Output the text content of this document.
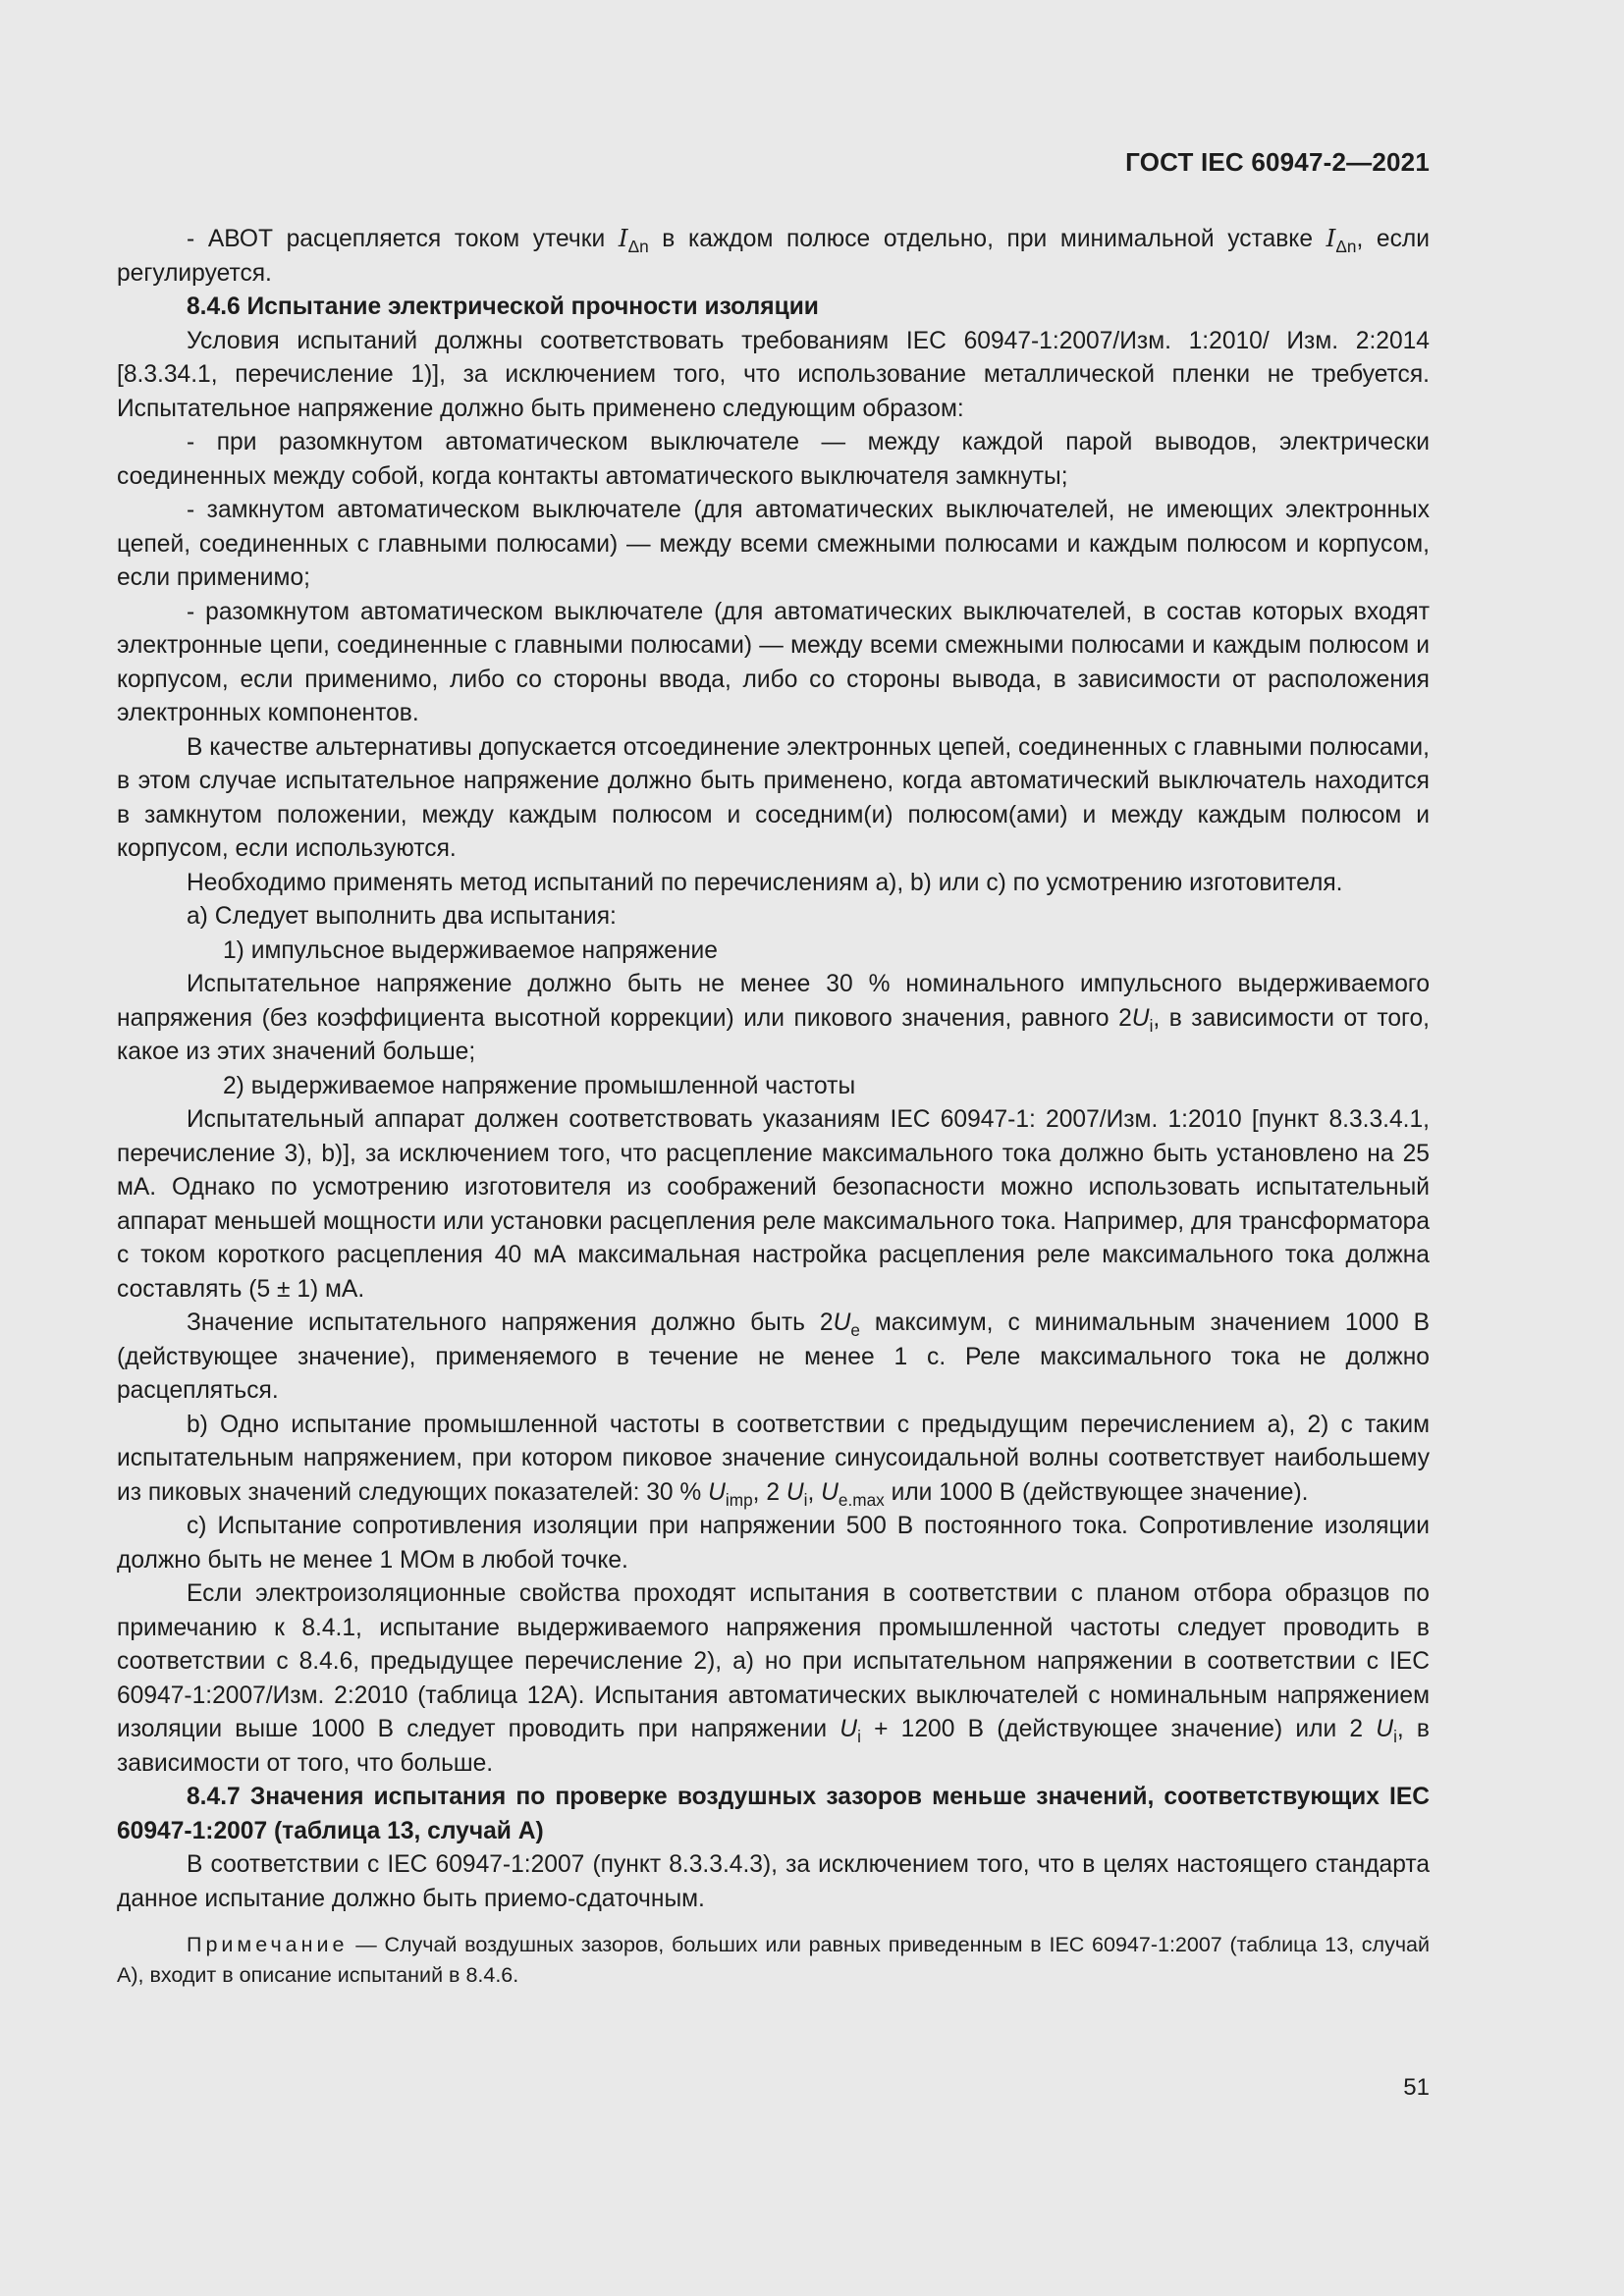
ГОСТ IEC 60947-2—2021

- АВОТ расцепляется током утечки $I_{\Delta n}$ в каждом полюсе отдельно, при минимальной уставке $I_{\Delta n}$, если регулируется.

8.4.6 Испытание электрической прочности изоляции

Условия испытаний должны соответствовать требованиям IEC 60947-1:2007/Изм. 1:2010/ Изм. 2:2014 [8.3.34.1, перечисление 1)], за исключением того, что использование металлической пленки не требуется. Испытательное напряжение должно быть применено следующим образом:

- при разомкнутом автоматическом выключателе — между каждой парой выводов, электрически соединенных между собой, когда контакты автоматического выключателя замкнуты;

- замкнутом автоматическом выключателе (для автоматических выключателей, не имеющих электронных цепей, соединенных с главными полюсами) — между всеми смежными полюсами и каждым полюсом и корпусом, если применимо;

- разомкнутом автоматическом выключателе (для автоматических выключателей, в состав которых входят электронные цепи, соединенные с главными полюсами) — между всеми смежными полюсами и каждым полюсом и корпусом, если применимо, либо со стороны ввода, либо со стороны вывода, в зависимости от расположения электронных компонентов.

В качестве альтернативы допускается отсоединение электронных цепей, соединенных с главными полюсами, в этом случае испытательное напряжение должно быть применено, когда автоматический выключатель находится в замкнутом положении, между каждым полюсом и соседним(и) полюсом(ами) и между каждым полюсом и корпусом, если используются.

Необходимо применять метод испытаний по перечислениям а), b) или с) по усмотрению изготовителя.

а) Следует выполнить два испытания:

1) импульсное выдерживаемое напряжение

Испытательное напряжение должно быть не менее 30 % номинального импульсного выдерживаемого напряжения (без коэффициента высотной коррекции) или пикового значения, равного $2U_i$, в зависимости от того, какое из этих значений больше;

2) выдерживаемое напряжение промышленной частоты

Испытательный аппарат должен соответствовать указаниям IEC 60947-1: 2007/Изм. 1:2010 [пункт 8.3.3.4.1, перечисление 3), b)], за исключением того, что расцепление максимального тока должно быть установлено на 25 мА. Однако по усмотрению изготовителя из соображений безопасности можно использовать испытательный аппарат меньшей мощности или установки расцепления реле максимального тока. Например, для трансформатора с током короткого расцепления 40 мА максимальная настройка расцепления реле максимального тока должна составлять (5 ± 1) мА.

Значение испытательного напряжения должно быть $2U_e$ максимум, с минимальным значением 1000 В (действующее значение), применяемого в течение не менее 1 с. Реле максимального тока не должно расцепляться.

b) Одно испытание промышленной частоты в соответствии с предыдущим перечислением а), 2) с таким испытательным напряжением, при котором пиковое значение синусоидальной волны соответствует наибольшему из пиковых значений следующих показателей: 30 % $U_{imp}$, 2 $U_i$, $U_{e.max}$ или 1000 В (действующее значение).

с) Испытание сопротивления изоляции при напряжении 500 В постоянного тока. Сопротивление изоляции должно быть не менее 1 МОм в любой точке.

Если электроизоляционные свойства проходят испытания в соответствии с планом отбора образцов по примечанию к 8.4.1, испытание выдерживаемого напряжения промышленной частоты следует проводить в соответствии с 8.4.6, предыдущее перечисление 2), а) но при испытательном напряжении в соответствии с IEC 60947-1:2007/Изм. 2:2010 (таблица 12А). Испытания автоматических выключателей с номинальным напряжением изоляции выше 1000 В следует проводить при напряжении $U_i + 1200$ В (действующее значение) или 2 $U_i$, в зависимости от того, что больше.

8.4.7 Значения испытания по проверке воздушных зазоров меньше значений, соответствующих IEC 60947-1:2007 (таблица 13, случай А)

В соответствии с IEC 60947-1:2007 (пункт 8.3.3.4.3), за исключением того, что в целях настоящего стандарта данное испытание должно быть приемо-сдаточным.

Примечание — Случай воздушных зазоров, больших или равных приведенным в IEC 60947-1:2007 (таблица 13, случай А), входит в описание испытаний в 8.4.6.

51
